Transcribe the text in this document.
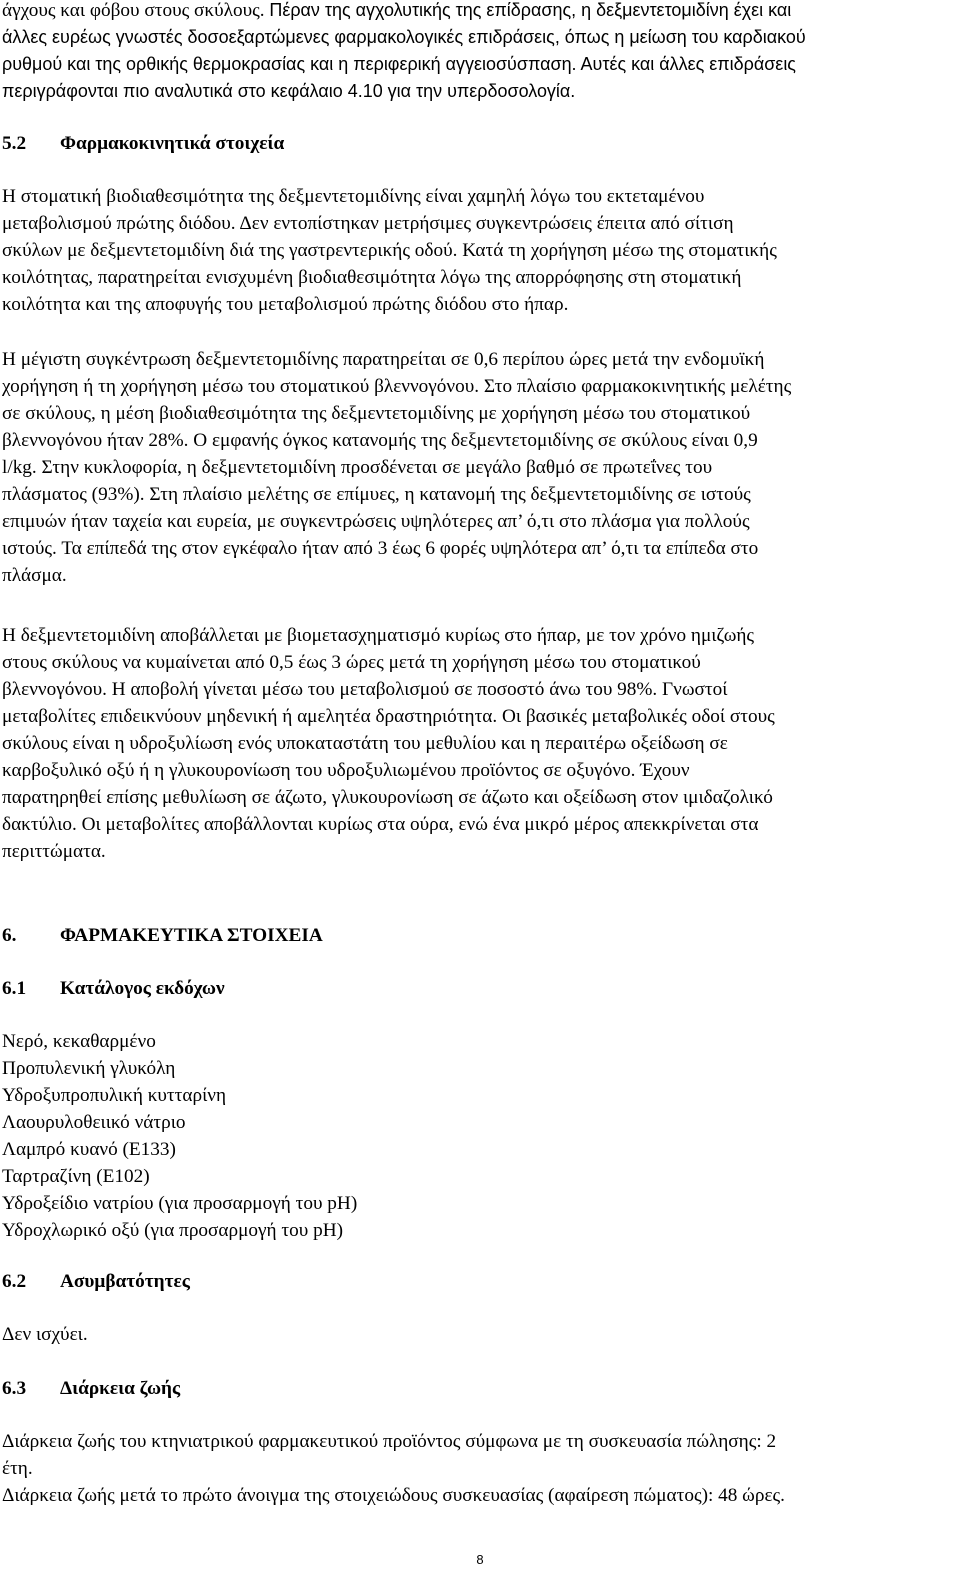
άγχους και φόβου στους σκύλους. Πέραν της αγχολυτικής της επίδρασης, η δεξμεντετομιδίνη έχει και
άλλες ευρέως γνωστές δοσοεξαρτώμενες φαρμακολογικές επιδράσεις, όπως η μείωση του καρδιακού
ρυθμού και της ορθικής θερμοκρασίας και η περιφερική αγγειοσύσπαση. Αυτές και άλλες επιδράσεις
περιγράφονται πιο αναλυτικά στο κεφάλαιο 4.10 για την υπερδοσολογία.

5.2 Φαρμακοκινητικά στοιχεία

Η στοματική βιοδιαθεσιμότητα της δεξμεντετομιδίνης είναι χαμηλή λόγω του εκτεταμένου
μεταβολισμού πρώτης διόδου. Δεν εντοπίστηκαν μετρήσιμες συγκεντρώσεις έπειτα από σίτιση
σκύλων με δεξμεντετομιδίνη διά της γαστρεντερικής οδού. Κατά τη χορήγηση μέσω της στοματικής
κοιλότητας, παρατηρείται ενισχυμένη βιοδιαθεσιμότητα λόγω της απορρόφησης στη στοματική
κοιλότητα και της αποφυγής του μεταβολισμού πρώτης διόδου στο ήπαρ.

Η μέγιστη συγκέντρωση δεξμεντετομιδίνης παρατηρείται σε 0,6 περίπου ώρες μετά την ενδομυϊκή
χορήγηση ή τη χορήγηση μέσω του στοματικού βλεννογόνου. Στο πλαίσιο φαρμακοκινητικής μελέτης
σε σκύλους, η μέση βιοδιαθεσιμότητα της δεξμεντετομιδίνης με χορήγηση μέσω του στοματικού
βλεννογόνου ήταν 28%. Ο εμφανής όγκος κατανομής της δεξμεντετομιδίνης σε σκύλους είναι 0,9
l/kg. Στην κυκλοφορία, η δεξμεντετομιδίνη προσδένεται σε μεγάλο βαθμό σε πρωτεΐνες του
πλάσματος (93%). Στη πλαίσιο μελέτης σε επίμυες, η κατανομή της δεξμεντετομιδίνης σε ιστούς
επιμυών ήταν ταχεία και ευρεία, με συγκεντρώσεις υψηλότερες απ’ ό,τι στο πλάσμα για πολλούς
ιστούς. Τα επίπεδά της στον εγκέφαλο ήταν από 3 έως 6 φορές υψηλότερα απ’ ό,τι τα επίπεδα στο
πλάσμα.

Η δεξμεντετομιδίνη αποβάλλεται με βιομετασχηματισμό κυρίως στο ήπαρ, με τον χρόνο ημιζωής
στους σκύλους να κυμαίνεται από 0,5 έως 3 ώρες μετά τη χορήγηση μέσω του στοματικού
βλεννογόνου. Η αποβολή γίνεται μέσω του μεταβολισμού σε ποσοστό άνω του 98%. Γνωστοί
μεταβολίτες επιδεικνύουν μηδενική ή αμελητέα δραστηριότητα. Οι βασικές μεταβολικές οδοί στους
σκύλους είναι η υδροξυλίωση ενός υποκαταστάτη του μεθυλίου και η περαιτέρω οξείδωση σε
καρβοξυλικό οξύ ή η γλυκουρονίωση του υδροξυλιωμένου προϊόντος σε οξυγόνο. Έχουν
παρατηρηθεί επίσης μεθυλίωση σε άζωτο, γλυκουρονίωση σε άζωτο και οξείδωση στον ιμιδαζολικό
δακτύλιο. Οι μεταβολίτες αποβάλλονται κυρίως στα ούρα, ενώ ένα μικρό μέρος απεκκρίνεται στα
περιττώματα.

6. ΦΑΡΜΑΚΕΥΤΙΚΑ ΣΤΟΙΧΕΙΑ
6.1 Κατάλογος εκδόχων

Νερό, κεκαθαρμένο
Προπυλενική γλυκόλη
Υδροξυπροπυλική κυτταρίνη
Λαουρυλοθειικό νάτριο
Λαμπρό κυανό (E133)
Ταρτραζίνη (E102)
Υδροξείδιο νατρίου (για προσαρμογή του pH)
Υδροχλωρικό οξύ (για προσαρμογή του pH)

6.2 Ασυμβατότητες

Δεν ισχύει.

6.3 Διάρκεια ζωής

Διάρκεια ζωής του κτηνιατρικού φαρμακευτικού προϊόντος σύμφωνα με τη συσκευασία πώλησης: 2
έτη.
Διάρκεια ζωής μετά το πρώτο άνοιγμα της στοιχειώδους συσκευασίας (αφαίρεση πώματος): 48 ώρες.

8
